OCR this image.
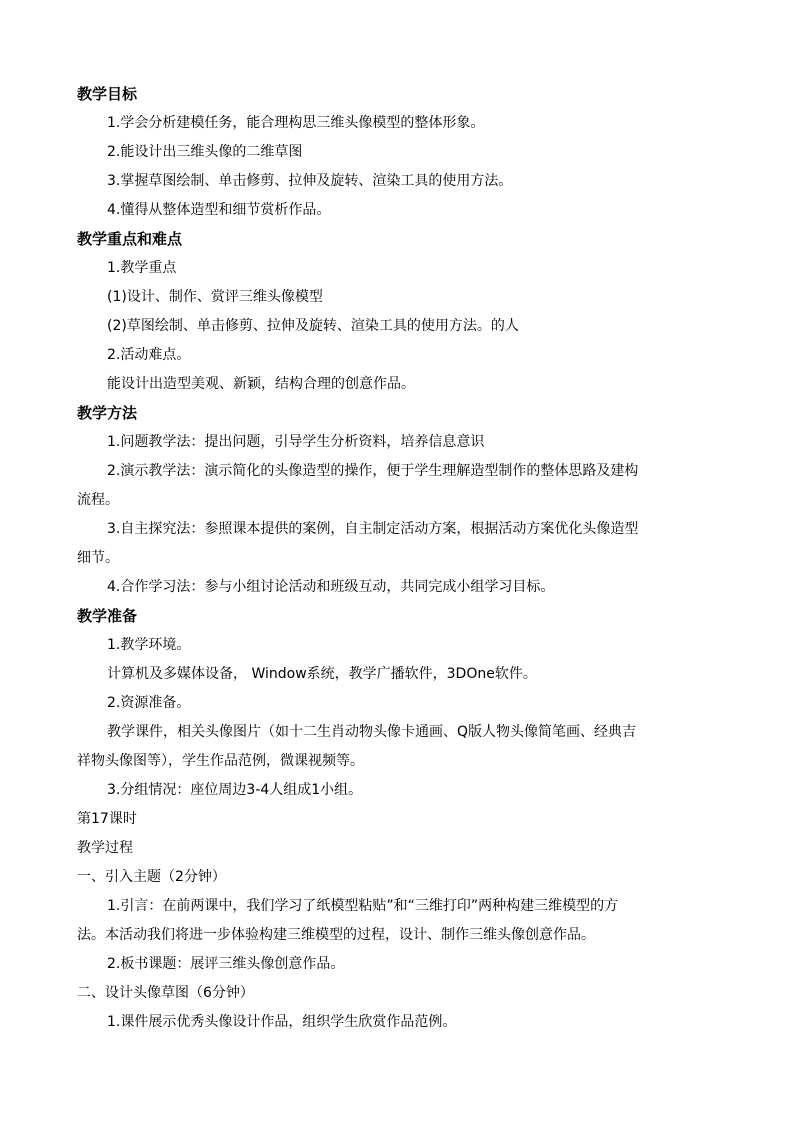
教学目标
1.学会分析建模任务，能合理构思三维头像模型的整体形象。
2.能设计出三维头像的二维草图
3.掌握草图绘制、单击修剪、拉伸及旋转、渲染工具的使用方法。
4.懂得从整体造型和细节赏析作品。
教学重点和难点
1.教学重点
(1)设计、制作、赏评三维头像模型
(2)草图绘制、单击修剪、拉伸及旋转、渲染工具的使用方法。的人
2.活动难点。
能设计出造型美观、新颖，结构合理的创意作品。
教学方法
1.问题教学法：提出问题，引导学生分析资料，培养信息意识
2.演示教学法：演示简化的头像造型的操作，便于学生理解造型制作的整体思路及建构
流程。
3.自主探究法：参照课本提供的案例，自主制定活动方案，根据活动方案优化头像造型
细节。
4.合作学习法：参与小组讨论活动和班级互动，共同完成小组学习目标。
教学准备
1.教学环境。
计算机及多媒体设备， Window系统，教学广播软件，3DOne软件。
2.资源准备。
教学课件，相关头像图片（如十二生肖动物头像卡通画、Q版人物头像简笔画、经典吉
祥物头像图等），学生作品范例，微课视频等。
3.分组情况：座位周边3-4人组成1小组。
第17课时
教学过程
一、引入主题（2分钟）
1.引言：在前两课中，我们学习了纸模型粘贴”和“三维打印”两种构建三维模型的方
法。本活动我们将进一步体验构建三维模型的过程，设计、制作三维头像创意作品。
2.板书课题：展评三维头像创意作品。
二、设计头像草图（6分钟）
1.课件展示优秀头像设计作品，组织学生欣赏作品范例。
